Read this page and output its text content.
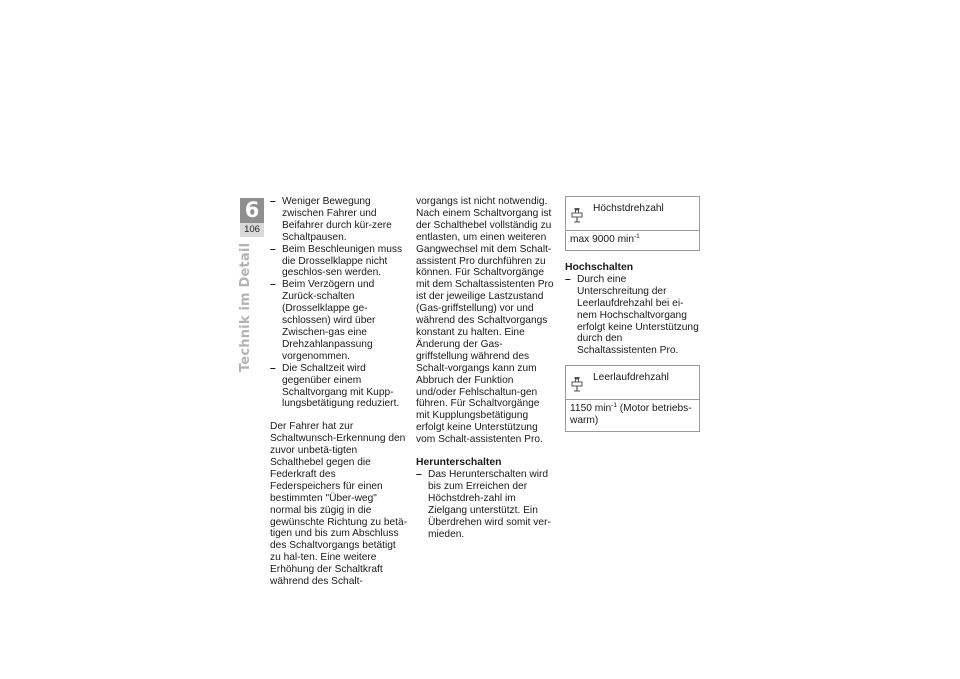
6
106
Technik im Detail
– Weniger Bewegung zwischen Fahrer und Beifahrer durch kür-zere Schaltpausen.
– Beim Beschleunigen muss die Drosselklappe nicht geschlos-sen werden.
– Beim Verzögern und Zurück-schalten (Drosselklappe ge-schlossen) wird über Zwischen-gas eine Drehzahlanpassung vorgenommen.
– Die Schaltzeit wird gegenüber einem Schaltvorgang mit Kupp-lungsbetätigung reduziert.

Der Fahrer hat zur Schaltwunsch-Erkennung den zuvor unbetä-tigten Schalthebel gegen die Federkraft des Federspeichers für einen bestimmten "Über-weg" normal bis zügig in die gewünschte Richtung zu betä-tigen und bis zum Abschluss des Schaltvorgangs betätigt zu hal-ten. Eine weitere Erhöhung der Schaltkraft während des Schalt-

vorgangs ist nicht notwendig. Nach einem Schaltvorgang ist der Schalthebel vollständig zu entlasten, um einen weiteren Gangwechsel mit dem Schalt-assistent Pro durchführen zu können. Für Schaltvorgänge mit dem Schaltassistenten Pro ist der jeweilige Lastzustand (Gas-griffstellung) vor und während des Schaltvorgangs konstant zu halten. Eine Änderung der Gas-griffstellung während des Schalt-vorgangs kann zum Abbruch der Funktion und/oder Fehlschaltun-gen führen. Für Schaltvorgänge mit Kupplungsbetätigung erfolgt keine Unterstützung vom Schalt-assistenten Pro.

Herunterschalten
– Das Herunterschalten wird bis zum Erreichen der Höchstdreh-zahl im Zielgang unterstützt. Ein Überdrehen wird somit ver-mieden.
Höchstdrehzahl
max 9000 $\min^{-1}$
Hochschalten
– Durch eine Unterschreitung der Leerlaufdrehzahl bei ei-nem Hochschaltvorgang erfolgt keine Unterstützung durch den Schaltassistenten Pro.
Leerlaufdrehzahl
1150 $\min^{-1}$ (Motor betriebs-warm)
